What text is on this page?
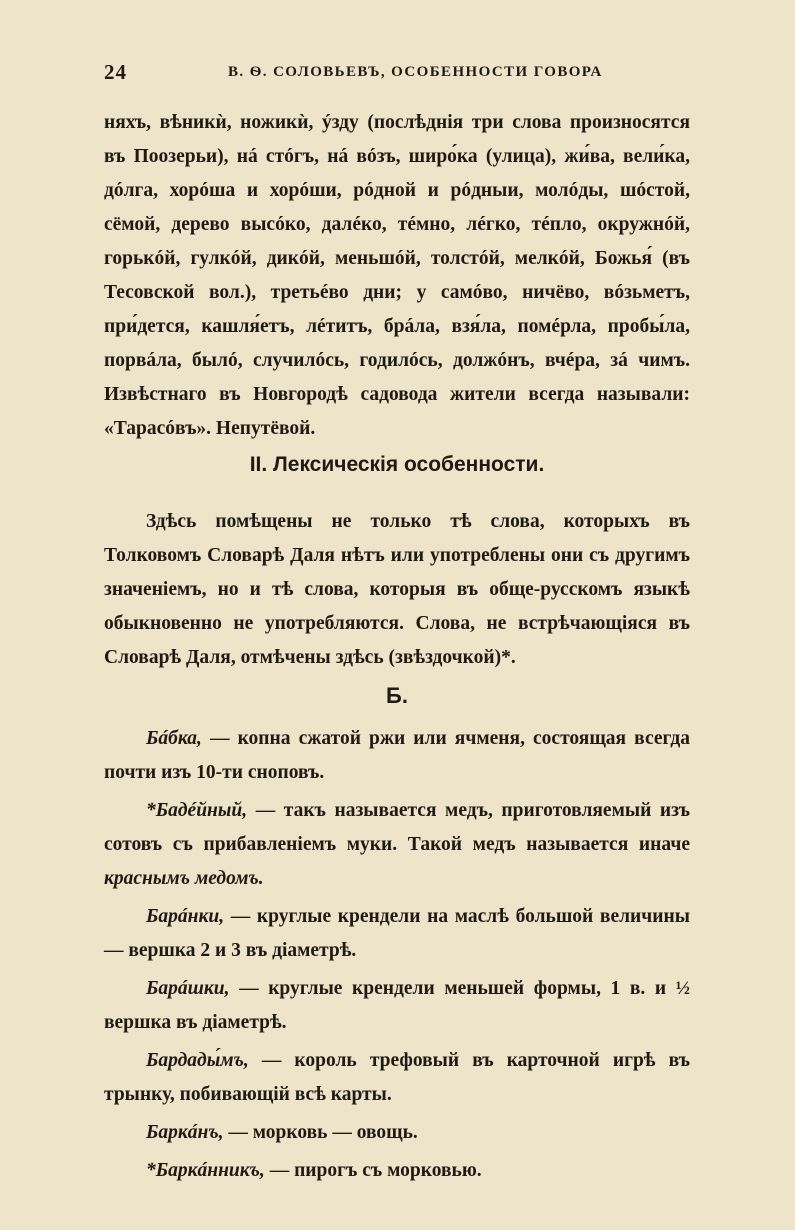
24	В. Ѳ. СОЛОВЬЕВЪ, ОСОБЕННОСТИ ГОВОРА
няхъ, вѣникѝ, ножикѝ, ýзду (послѣднія три слова произносятся въ Поозерьи), нá стóгъ, нá вóзъ, широ́ка (улица), жи́ва, вели́ка, дóлга, хорóша и хорóши, рóдной и рóдныи, молóды, шóстой, сёмой, дерево высóко, далéко, тéмно, лéгко, тéпло, окружнóй, горькóй, гулкóй, дикóй, меньшóй, толстóй, мелкóй, Божья́ (въ Тесовской вол.), третьéво дни; у самóво, ничёво, вóзьметъ, при́дется, кашля́етъ, лéтитъ, брáла, взя́ла, помéрла, пробы́ла, порвáла, былó, случилóсь, годилóсь, должóнъ, вчéра, зá чимъ. Извѣстнаго въ Новгородѣ садовода жители всегда называли: «Тарасóвъ». Непутёвой.
II. Лексическія особенности.
Здѣсь помѣщены не только тѣ слова, которыхъ въ Толковомъ Словарѣ Даля нѣтъ или употреблены они съ другимъ значеніемъ, но и тѣ слова, которыя въ обще-русскомъ языкѣ обыкновенно не употребляются. Слова, не встрѣчающіяся въ Словарѣ Даля, отмѣчены здѣсь (звѣздочкой)*.
Б.
Бáбка, — копна сжатой ржи или ячменя, состоящая всегда почти изъ 10-ти сноповъ.
*Бадéйный, — такъ называется медъ, приготовляемый изъ сотовъ съ прибавленіемъ муки. Такой медъ называется иначе краснымъ медомъ.
Барáнки, — круглые крендели на маслѣ большой величины— вершка 2 и 3 въ діаметрѣ.
Барáшки, — круглые крендели меньшей формы, 1 в. и ½ вершка въ діаметрѣ.
Бардады́мъ, — король трефовый въ карточной игрѣ въ трынку, побивающій всѣ карты.
Баркáнъ, — морковь — овощь.
*Баркáнникъ, — пирогъ съ морковью.
